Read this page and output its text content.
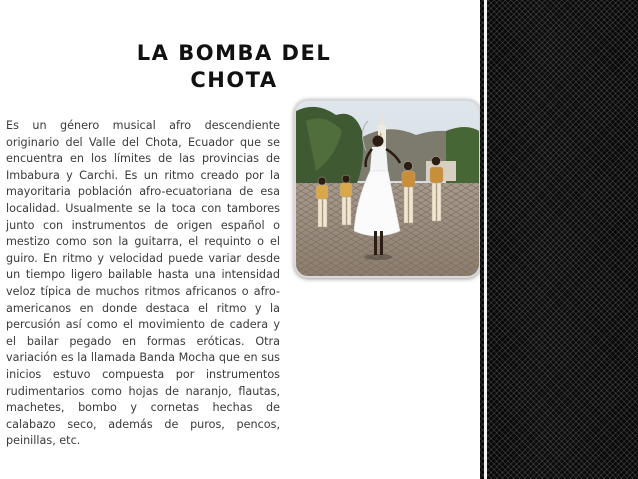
LA BOMBA DEL
CHOTA

Es un género musical afro descendiente originario del Valle del Chota, Ecuador que se encuentra en los límites de las provincias de Imbabura y Carchi. Es un ritmo creado por la mayoritaria población afro-ecuatoriana de esa localidad. Usualmente se la toca con tambores junto con instrumentos de origen español o mestizo como son la guitarra, el requinto o el guiro. En ritmo y velocidad puede variar desde un tiempo ligero bailable hasta una intensidad veloz típica de muchos ritmos africanos o afro-americanos en donde destaca el ritmo y la percusión así como el movimiento de cadera y el bailar pegado en formas eróticas. Otra variación es la llamada Banda Mocha que en sus inicios estuvo compuesta por instrumentos rudimentarios como hojas de naranjo, flautas, machetes, bombo y cornetas hechas de calabazo seco, además de puros, pencos, peinillas, etc.
